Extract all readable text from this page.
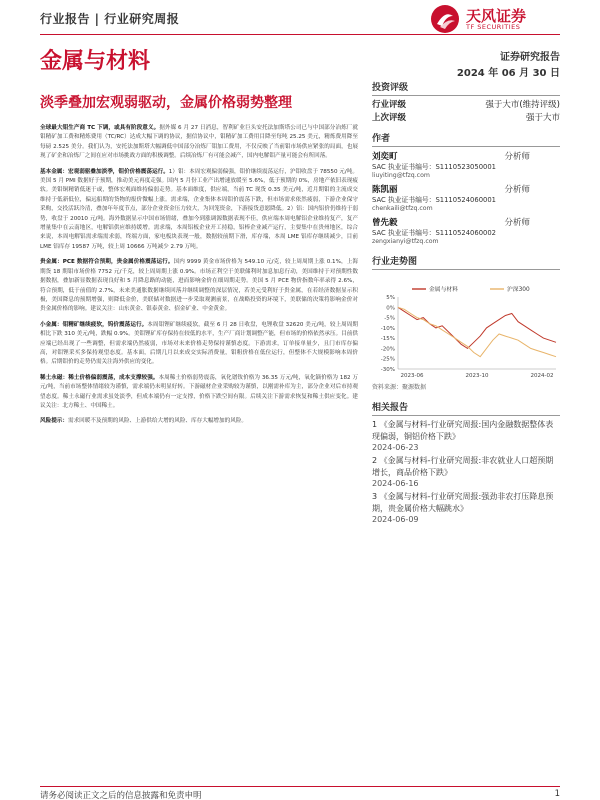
行业报告 | 行业研究周报	天风证券
TF SECURITIES
金属与材料	证券研究报告
2024 年 06 月 30 日
淡季叠加宏观弱驱动，金属价格弱势整理

全球最大钼生产商 TC 下调，或具有阶段意义。据外媒 6 月 27 日消息，智利矿业巨头安托法加斯塔公司已与中国部分冶炼厂就钼精矿加工费和精炼费用（TC/RC）达成大幅下调的协议，据信协议中，钼精矿加工费用目降至每吨 25.25 美元，精炼费用降至每磅 2.525 美分。我们认为，安托法加斯塔大幅调低中国部分冶炼厂钼加工费用，不仅反映了当前钼市场供应紧张的局面，也展现了矿企和冶炼厂之间在应对市场挑战方面的积极调整。后续冶炼厂有可能会减产，国内电解钼产量可能会有所回落。

基本金属：宏观弱驱叠加淡季，钼价价格震荡运行。1）钼：本周宏观偏弱偏强，钼价继续震荡运行，沪钼收盘于 78550 元/吨。美国 5 月 PMI 数据好于预期，推动美元再度走强。国内 5 月份工业产出增速放缓至 5.6%，低于预期的 0%，房地产依旧表现疲软。美钼铜精销低迷于或，整体宏观面维持偏弱走势。基本面维度，供应端，当前 TC 现货 0.35 美元/吨，近月期钼的主流成交维持于低新低位，偏远船期的货物的报价微幅上涨。需求端，企业集体本周钼价震荡下跌，但市场需求依然疲弱，下游企业保守采购，交投活跃冷清，叠加年年度节点，部分企业资金压力较大，为回笼资金，下游接货意愿降低。2）铝：国内铝价仍维持于弱势，收盘于 20010 元/吨。海外数据显示中国市场情绪，叠加今到涨调源数据表现不佳，供应端本周电解铝企业维持复产，复产增量集中在云南地区，电解铝供应维持缓增。需求端，本周铝板企业开工持稳，铝棒企业减产运行，主要集中在贵州地区，综合来说，本周电解铝需求端需求弱，终端方面，家电板块表现一般，数据较前期下滑，库存端，本周 LME 铝库存继续减少，目前 LME 铝库存 19587 万吨，较上周 10666 万吨减少 2.79 万吨。

贵金属：PCE 数据符合预期，贵金属价格震荡运行。国内 9999 黄金市场价格为 549.10 元/克，较上周周期上涨 0.1%，上海期货 18 期钼市场价格 7752 元/千克，较上周周期上涨 0.9%。市场正利空于美联储利时加息加息行动，美国维持于对预期性数据数据，叠加新显数据表现良好和 5 月降息路的动能，进而影响金价在细周期走势。美国 5 月 PCE 物价指数年率录得 2.6%，符合预期，低于前值的 2.7%，未来美通胀数据继续回落并继续调整的深层情况，若美元受利好于贵金属，在若经济数据显示积极，美国降息的预期增强，则降低金价，美联储对数据进一步采取观测前景，在战略投资的环境下，美联储的决策将影响金价对贵金属价格的影响。建议关注：山东黄金、银泰黄金、招金矿业、中金黄金。

小金属：钼精矿继续疲软，钨价震荡运行。本周钼锂矿继续疲软，截至 6 月 28 日收盘，电锂收盘 32620 美元/吨，较上周周期相比下跌 310 美元/吨，跌幅 0.9%。美钼锂矿库存保持在较低的水平，生产厂商计划调整产能，但市场的价格依然承压。目前供应端已经出现了一些调整，但需求端仍然疲弱，市场对未来价格走势保持谨慎态度。下游需求，订单接单量少，且门市库存偏高，对钼锂采买多保持观望态度。基本面，后期几月以来成交实际消费量，钼粗价格在低位运行，但整体不大规模影响本周价格。后期钼价的走势仍需关注海外供应的变化。

稀土永磁：稀土价格偏弱震荡，成本支撑较强。本周稀土价格弱势震荡，氧化镨钕价格为 36.35 万元/吨，氧化镝价格为 182 万元/吨，当前市场整体情绪较为谨慎，需求端仍未明显好转。下游磁材企业采购较为谨慎，以刚需补库为主，部分企业对后市持观望态度。稀土永磁行业需求虽处淡季，但成本端仍有一定支撑，价格下跌空间有限。后续关注下游需求恢复和稀土供应变化。建议关注：北方稀土、中国稀土。

风险提示：需求回暖不及预期的风险、上游供给大增的风险、库存大幅增加的风险。

投资评级
行业评级	强于大市(维持评级)
上次评级	强于大市
作者
刘奕町	分析师
SAC 执业证书编号：S1110523050001
liuyiting@tfzq.com
陈凯丽	分析师
SAC 执业证书编号：S1110524060001
chenkaili@tfzq.com
曾先毅	分析师
SAC 执业证书编号：S1110524060002
zengxianyi@tfzq.com
行业走势图
5%
0%
-5%
-10%
-15%
-20%
-25%
-30%
2023-06	2023-10	2024-02
金属与材料	沪深300
资料来源：聚源数据
相关报告
1 《金属与材料-行业研究周报:国内金融数据整体表现偏弱，铜铝价格下跌》
2024-06-23
2 《金属与材料-行业研究周报:非农就业人口超预期增长，商品价格下跌》
2024-06-16
3 《金属与材料-行业研究周报:强劲非农打压降息预期，贵金属价格大幅跳水》
2024-06-09
请务必阅读正文之后的信息披露和免责申明	1
